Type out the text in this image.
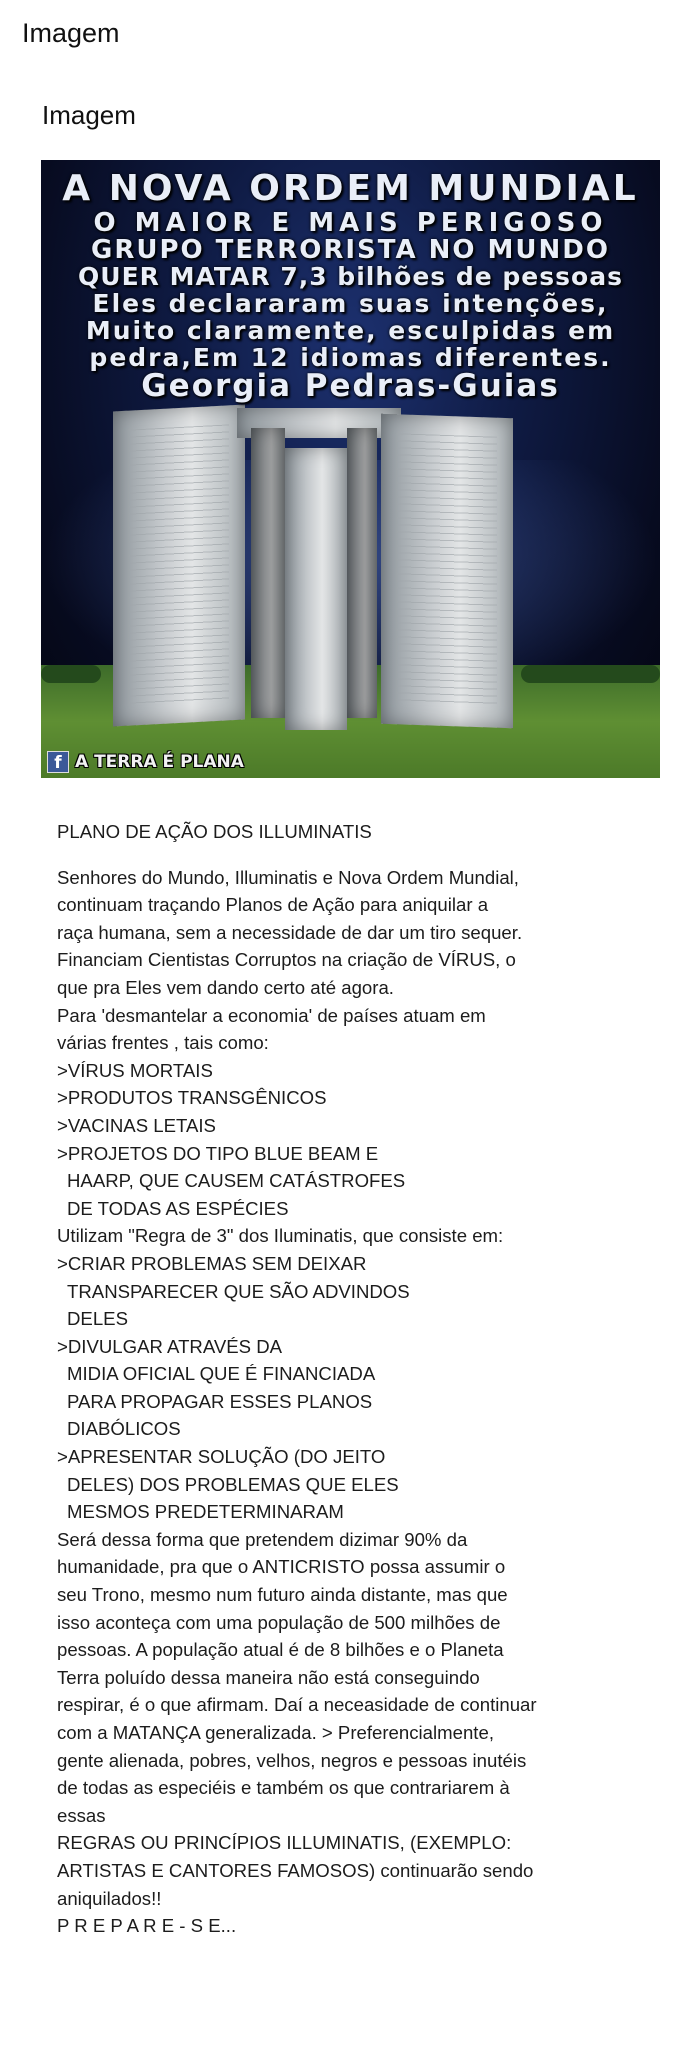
Imagem
Imagem
A NOVA ORDEM MUNDIAL
O MAIOR E MAIS PERIGOSO
GRUPO TERRORISTA NO MUNDO
QUER MATAR 7,3 bilhões de pessoas
Eles declararam suas intenções,
Muito claramente, esculpidas em
pedra,Em 12 idiomas diferentes.
Georgia Pedras-Guias
f A TERRA É PLANA

PLANO DE AÇÃO DOS ILLUMINATIS

Senhores do Mundo, Illuminatis e Nova Ordem Mundial,

continuam traçando Planos de Ação para aniquilar a

raça humana, sem a necessidade de dar um tiro sequer.

Financiam Cientistas Corruptos na criação de VÍRUS, o

que pra Eles vem dando certo até agora.

Para 'desmantelar a economia' de países atuam em

várias frentes , tais como:

>VÍRUS MORTAIS

>PRODUTOS TRANSGÊNICOS

>VACINAS LETAIS

>PROJETOS DO TIPO BLUE BEAM E

HAARP, QUE CAUSEM CATÁSTROFES

DE TODAS AS ESPÉCIES

Utilizam "Regra de 3" dos Iluminatis, que consiste em:

>CRIAR PROBLEMAS SEM DEIXAR

TRANSPARECER QUE SÃO ADVINDOS

DELES

>DIVULGAR ATRAVÉS DA

MIDIA OFICIAL QUE É FINANCIADA

PARA PROPAGAR ESSES PLANOS

DIABÓLICOS

>APRESENTAR SOLUÇÃO (DO JEITO

DELES) DOS PROBLEMAS QUE ELES

MESMOS PREDETERMINARAM

Será dessa forma que pretendem dizimar 90% da

humanidade, pra que o ANTICRISTO possa assumir o

seu Trono, mesmo num futuro ainda distante, mas que

isso aconteça com uma população de 500 milhões de

pessoas. A população atual é de 8 bilhões e o Planeta

Terra poluído dessa maneira não está conseguindo

respirar, é o que afirmam. Daí a neceasidade de continuar

com a MATANÇA generalizada. > Preferencialmente,

gente alienada, pobres, velhos, negros e pessoas inutéis

de todas as especiéis e também os que contrariarem à

essas

REGRAS OU PRINCÍPIOS ILLUMINATIS, (EXEMPLO:

ARTISTAS E CANTORES FAMOSOS) continuarão sendo

aniquilados!!

P R E P A R E - S E...
